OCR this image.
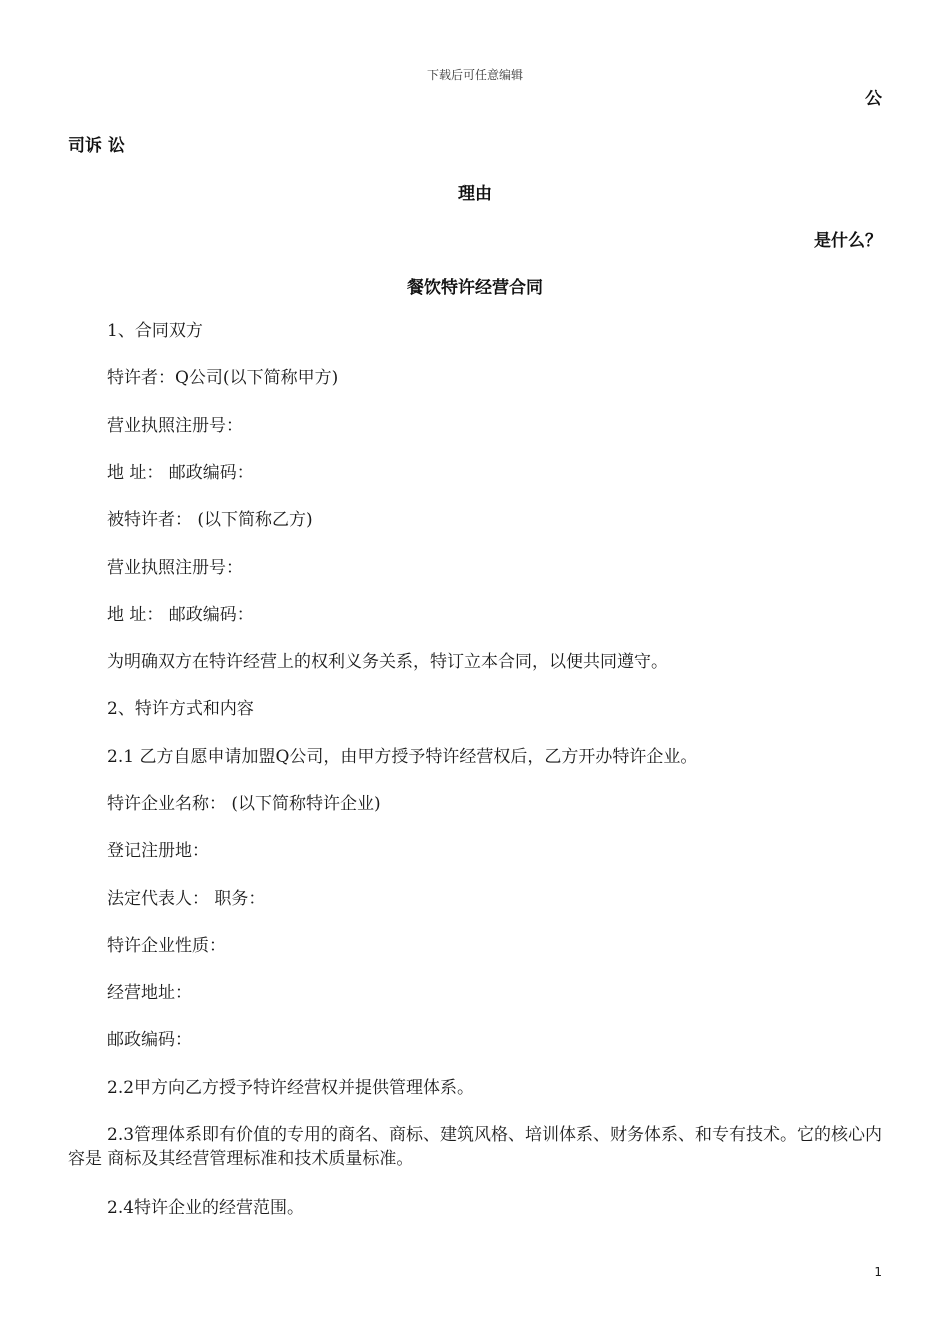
下载后可任意编辑
公
司诉 讼
理由
是什么？
餐饮特许经营合同
1、合同双方
特许者：Q公司(以下简称甲方)
营业执照注册号：
地 址： 邮政编码：
被特许者： (以下简称乙方)
营业执照注册号：
地 址： 邮政编码：
为明确双方在特许经营上的权利义务关系，特订立本合同，以便共同遵守。
2、特许方式和内容
2.1 乙方自愿申请加盟Q公司，由甲方授予特许经营权后，乙方开办特许企业。
特许企业名称： (以下简称特许企业)
登记注册地：
法定代表人： 职务：
特许企业性质：
经营地址：
邮政编码：
2.2甲方向乙方授予特许经营权并提供管理体系。
2.3管理体系即有价值的专用的商名、商标、建筑风格、培训体系、财务体系、和专有技术。它的核心内容是 商标及其经营管理标准和技术质量标准。
2.4特许企业的经营范围。
1
